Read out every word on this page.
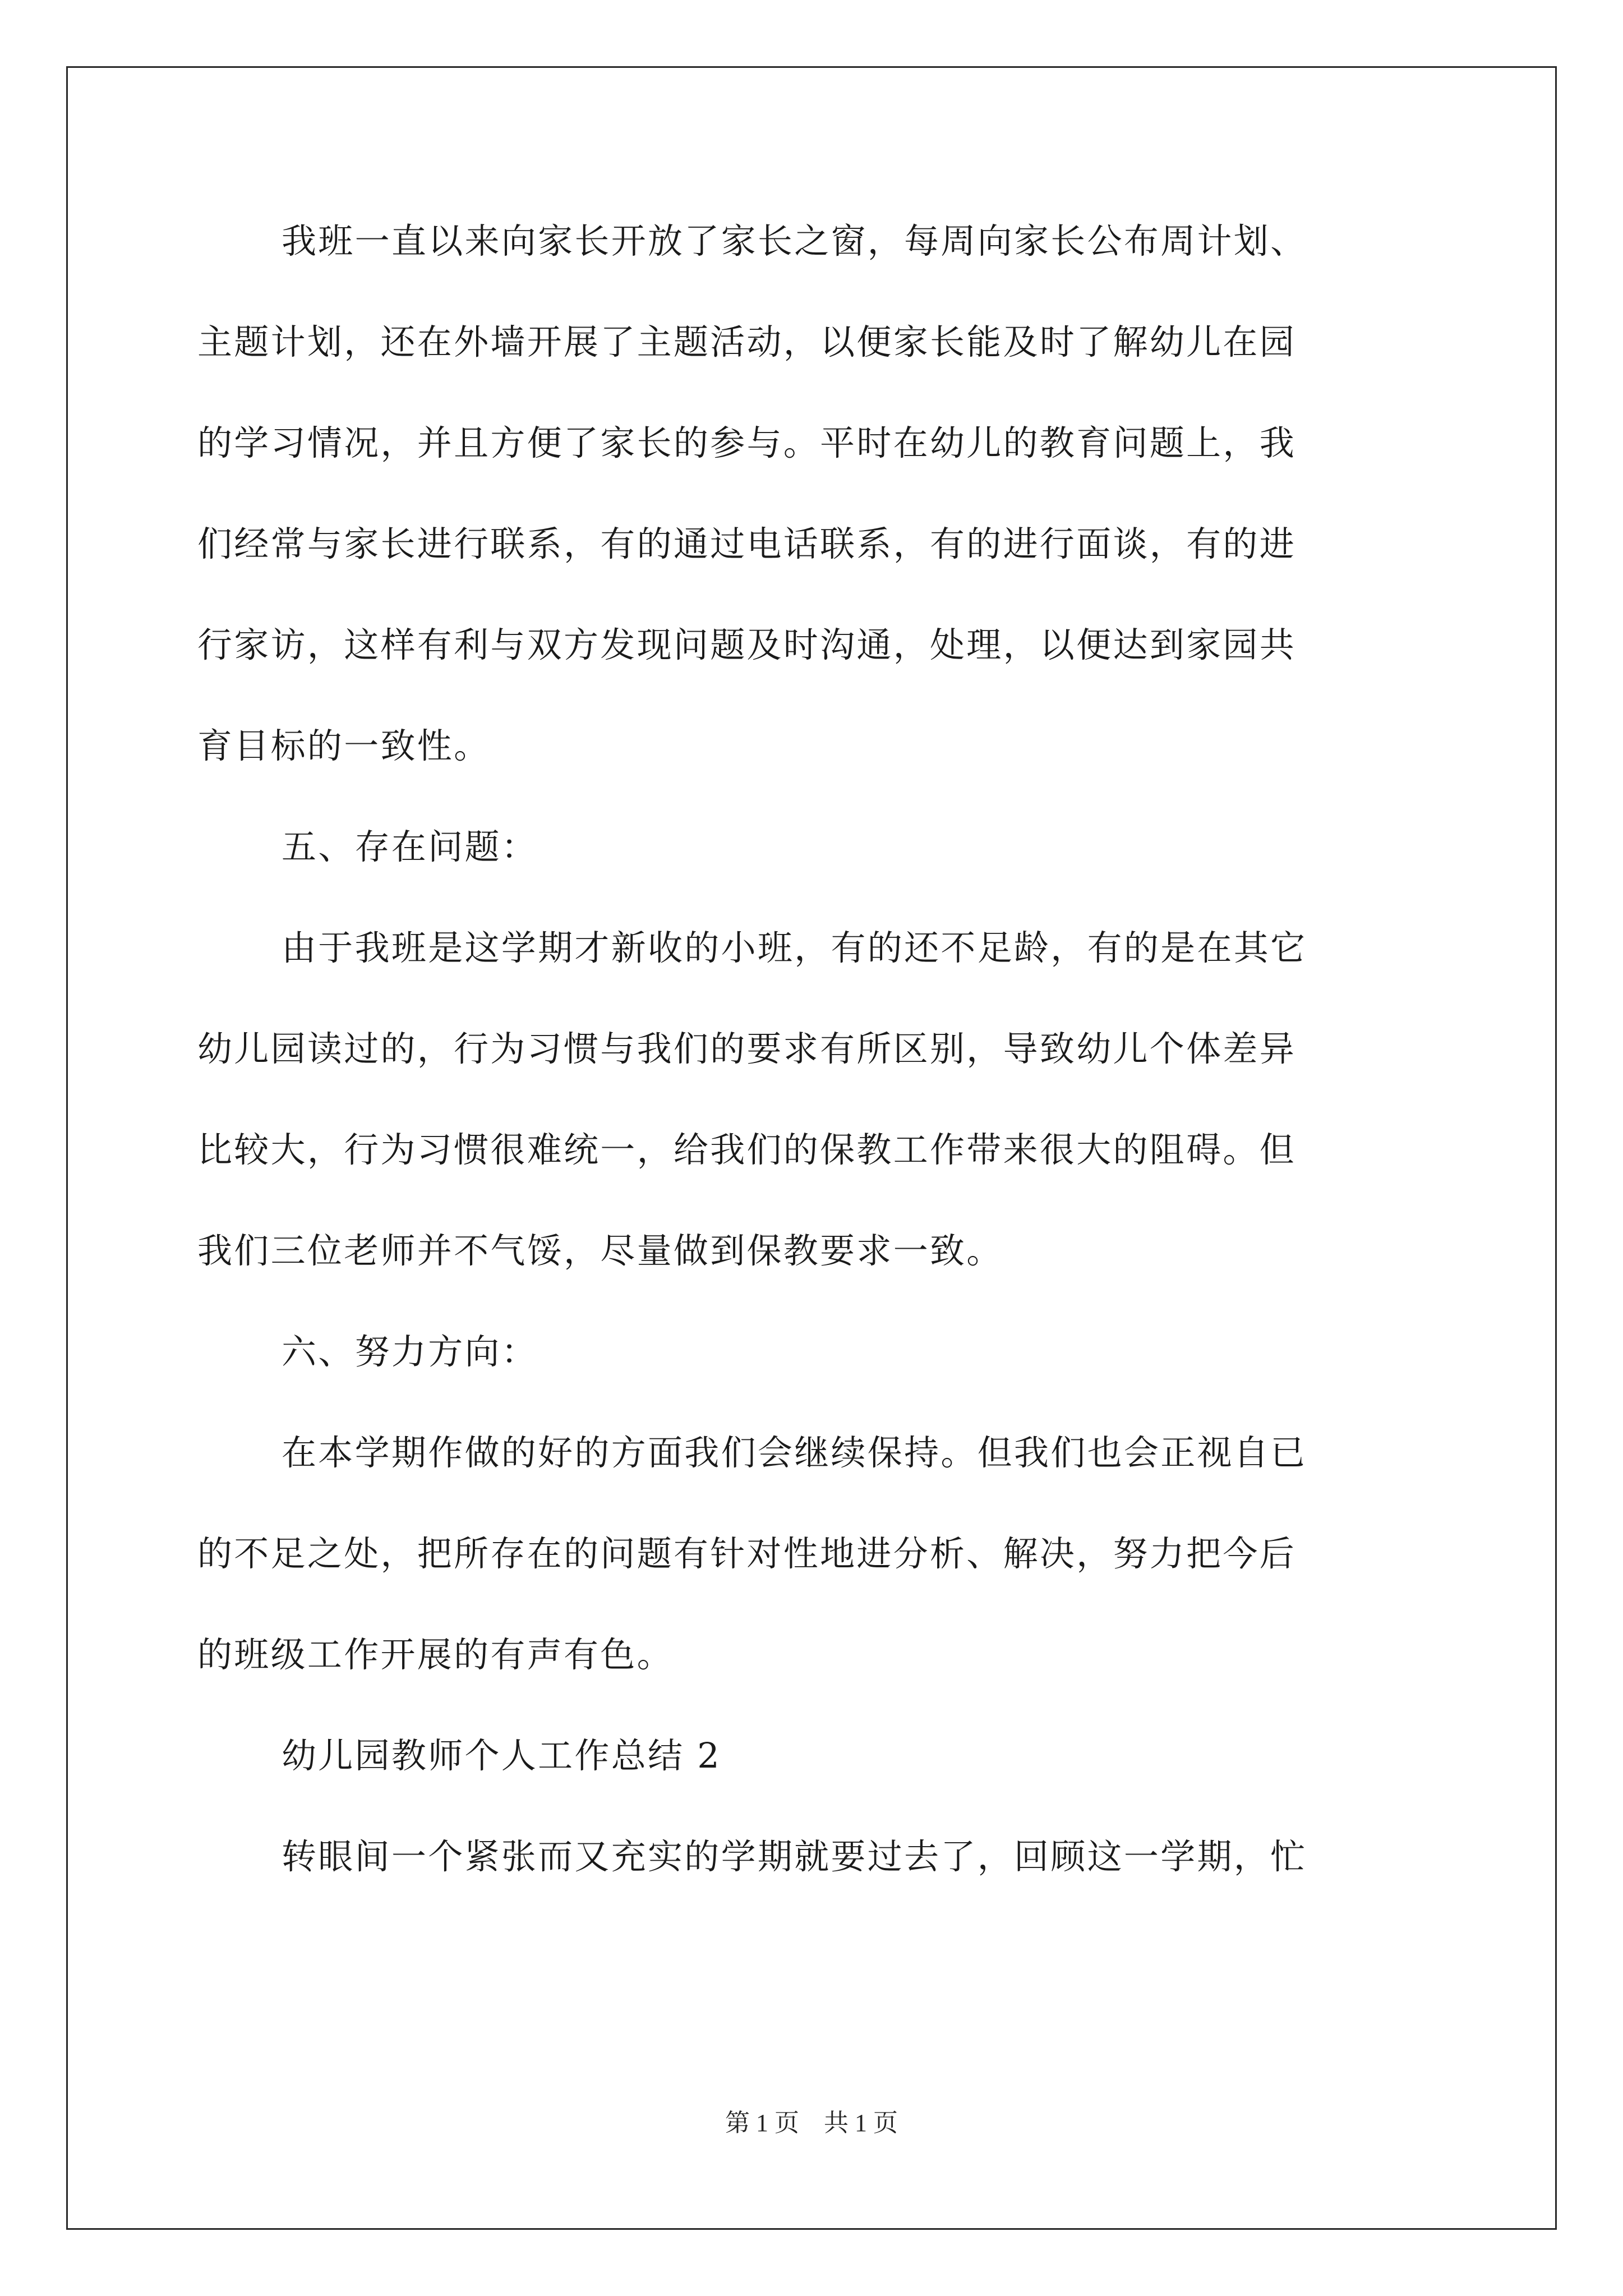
我班一直以来向家长开放了家长之窗，每周向家长公布周计划、
主题计划，还在外墙开展了主题活动，以便家长能及时了解幼儿在园
的学习情况，并且方便了家长的参与。平时在幼儿的教育问题上，我
们经常与家长进行联系，有的通过电话联系，有的进行面谈，有的进
行家访，这样有利与双方发现问题及时沟通，处理，以便达到家园共
育目标的一致性。
五、存在问题：
由于我班是这学期才新收的小班，有的还不足龄，有的是在其它
幼儿园读过的，行为习惯与我们的要求有所区别，导致幼儿个体差异
比较大，行为习惯很难统一，给我们的保教工作带来很大的阻碍。但
我们三位老师并不气馁，尽量做到保教要求一致。
六、努力方向：
在本学期作做的好的方面我们会继续保持。但我们也会正视自已
的不足之处，把所存在的问题有针对性地进分析、解决，努力把今后
的班级工作开展的有声有色。
幼儿园教师个人工作总结 2
转眼间一个紧张而又充实的学期就要过去了，回顾这一学期，忙
第 1 页　共 1 页
